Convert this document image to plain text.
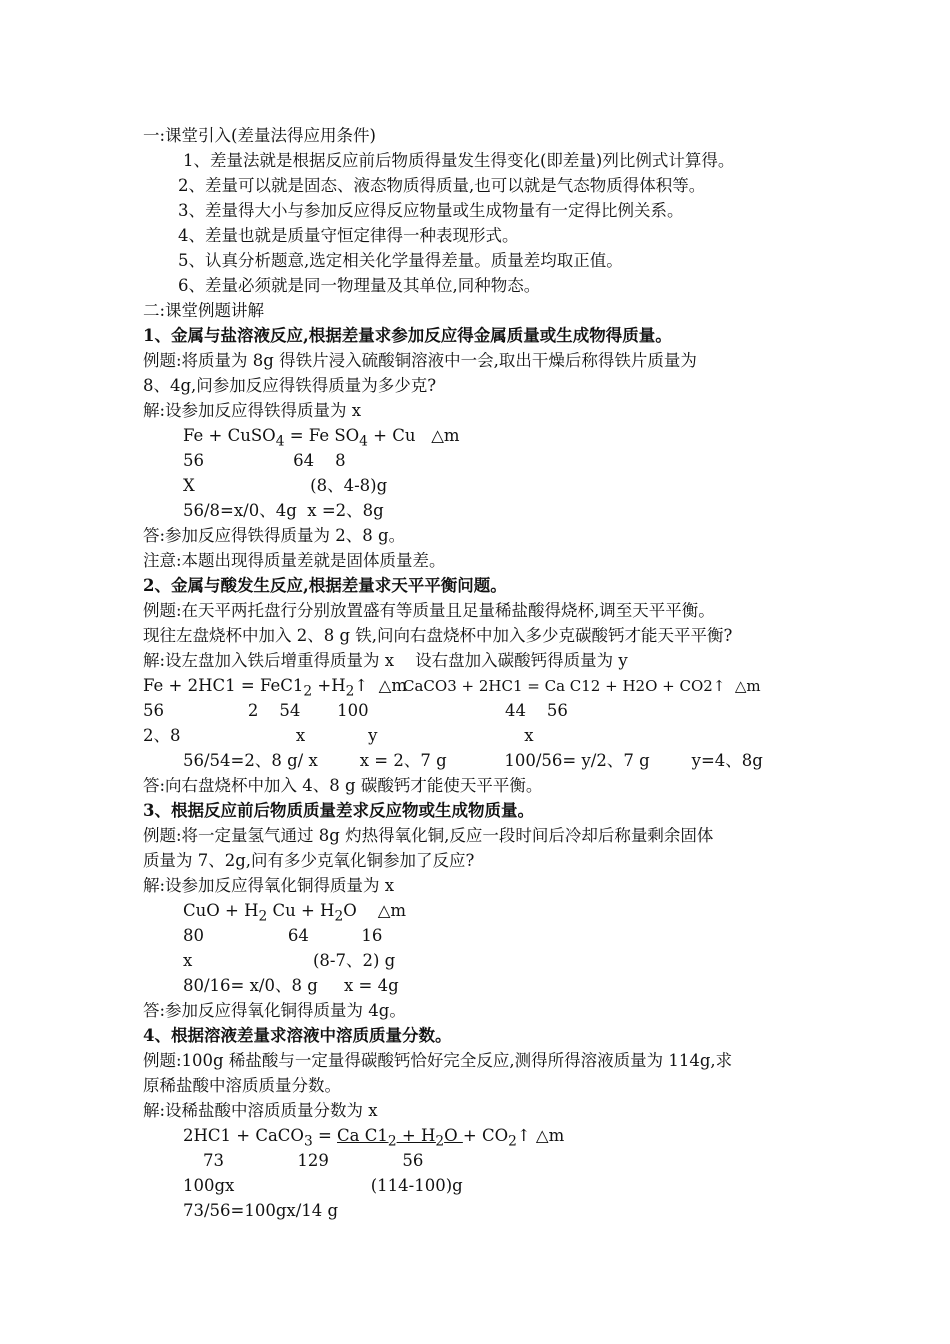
一:课堂引入(差量法得应用条件)
1、差量法就是根据反应前后物质得量发生得变化(即差量)列比例式计算得。
2、差量可以就是固态、液态物质得质量,也可以就是气态物质得体积等。
3、差量得大小与参加反应得反应物量或生成物量有一定得比例关系。
4、差量也就是质量守恒定律得一种表现形式。
5、认真分析题意,选定相关化学量得差量。质量差均取正值。
6、差量必须就是同一物理量及其单位,同种物态。
二:课堂例题讲解
1、金属与盐溶液反应,根据差量求参加反应得金属质量或生成物得质量。
例题:将质量为 8g 得铁片浸入硫酸铜溶液中一会,取出干燥后称得铁片质量为
8、4g,问参加反应得铁得质量为多少克?
解:设参加反应得铁得质量为 x
Fe + CuSO$_4$ = Fe $SO_4 + Cu$   △m
56                 64    8
X                      (8、4-8)g
56/8=x/0、4g  x =2、8g
答:参加反应得铁得质量为 2、8 g。
注意:本题出现得质量差就是固体质量差。
2、金属与酸发生反应,根据差量求天平平衡问题。
例题:在天平两托盘行分别放置盛有等质量且足量稀盐酸得烧杯,调至天平平衡。
现往左盘烧杯中加入 2、8 g 铁,问向右盘烧杯中加入多少克碳酸钙才能天平平衡?
解:设左盘加入铁后增重得质量为 x    设右盘加入碳酸钙得质量为 y
$Fe + 2HC1 = FeC1_2$ $+H_2↑$  △m
CaCO3 + 2HC1 = Ca C12 + H2O + CO2↑  △m
56                2    54       100                          44    56
2、8                      x            y                            x
56/54=2、8 g/ x        x = 2、7 g           100/56= y/2、7 g        y=4、8g
答:向右盘烧杯中加入 4、8 g 碳酸钙才能使天平平衡。
3、根据反应前后物质质量差求反应物或生成物质量。
例题:将一定量氢气通过 8g 灼热得氧化铜,反应一段时间后冷却后称量剩余固体
质量为 7、2g,问有多少克氧化铜参加了反应?
解:设参加反应得氧化铜得质量为 x
CuO + $H_2$ $Cu + H_2O$    △m
80                64          16
x                       (8-7、2) g
80/16= x/0、8 g     x = 4g
答:参加反应得氧化铜得质量为 4g。
4、根据溶液差量求溶液中溶质质量分数。
例题:100g 稀盐酸与一定量得碳酸钙恰好完全反应,测得所得溶液质量为 114g,求
原稀盐酸中溶质质量分数。
解:设稀盐酸中溶质质量分数为 x
2HC1 + CaCO$_3$ = Ca $C1_2 + H_2O$ + $CO_2↑$ △m
73              129              56
100gx                          (114-100)g
73/56=100gx/14 g
